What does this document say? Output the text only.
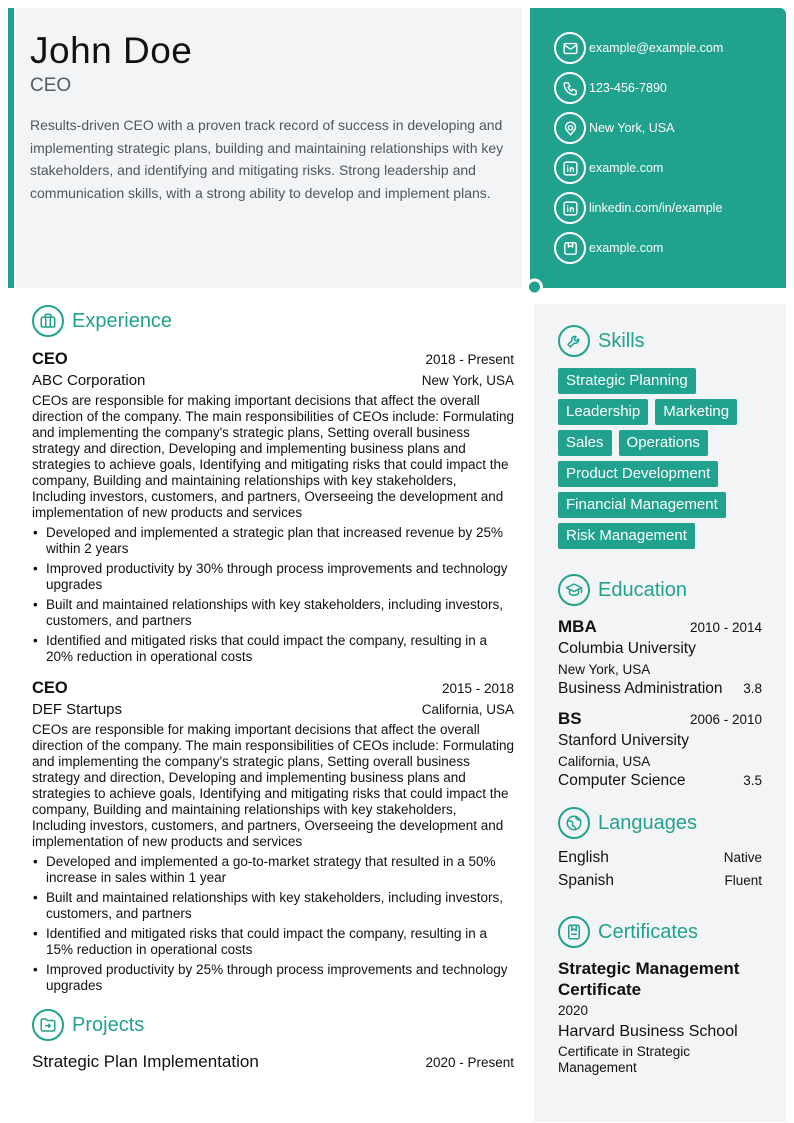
John Doe
CEO

Results-driven CEO with a proven track record of success in developing and implementing strategic plans, building and maintaining relationships with key stakeholders, and identifying and mitigating risks. Strong leadership and communication skills, with a strong ability to develop and implement plans.

example@example.com
123-456-7890
New York, USA
example.com
linkedin.com/in/example
example.com
Experience
CEO	2018 - Present
ABC Corporation	New York, USA

CEOs are responsible for making important decisions that affect the overall direction of the company. The main responsibilities of CEOs include: Formulating and implementing the company's strategic plans, Setting overall business strategy and direction, Developing and implementing business plans and strategies to achieve goals, Identifying and mitigating risks that could impact the company, Building and maintaining relationships with key stakeholders, Including investors, customers, and partners, Overseeing the development and implementation of new products and services

• Developed and implemented a strategic plan that increased revenue by 25% within 2 years
• Improved productivity by 30% through process improvements and technology upgrades
• Built and maintained relationships with key stakeholders, including investors, customers, and partners
• Identified and mitigated risks that could impact the company, resulting in a 20% reduction in operational costs
CEO	2015 - 2018
DEF Startups	California, USA

CEOs are responsible for making important decisions that affect the overall direction of the company. The main responsibilities of CEOs include: Formulating and implementing the company's strategic plans, Setting overall business strategy and direction, Developing and implementing business plans and strategies to achieve goals, Identifying and mitigating risks that could impact the company, Building and maintaining relationships with key stakeholders, Including investors, customers, and partners, Overseeing the development and implementation of new products and services

• Developed and implemented a go-to-market strategy that resulted in a 50% increase in sales within 1 year
• Built and maintained relationships with key stakeholders, including investors, customers, and partners
• Identified and mitigated risks that could impact the company, resulting in a 15% reduction in operational costs
• Improved productivity by 25% through process improvements and technology upgrades
Projects
Strategic Plan Implementation	2020 - Present
Skills
Strategic Planning
Leadership	Marketing
Sales	Operations
Product Development
Financial Management
Risk Management
Education
MBA	2010 - 2014
Columbia University
New York, USA
Business Administration 3.8
BS	2006 - 2010
Stanford University
California, USA
Computer Science	3.5
Languages
English	Native
Spanish	Fluent
Certificates
Strategic Management Certificate
2020
Harvard Business School
Certificate in Strategic Management
